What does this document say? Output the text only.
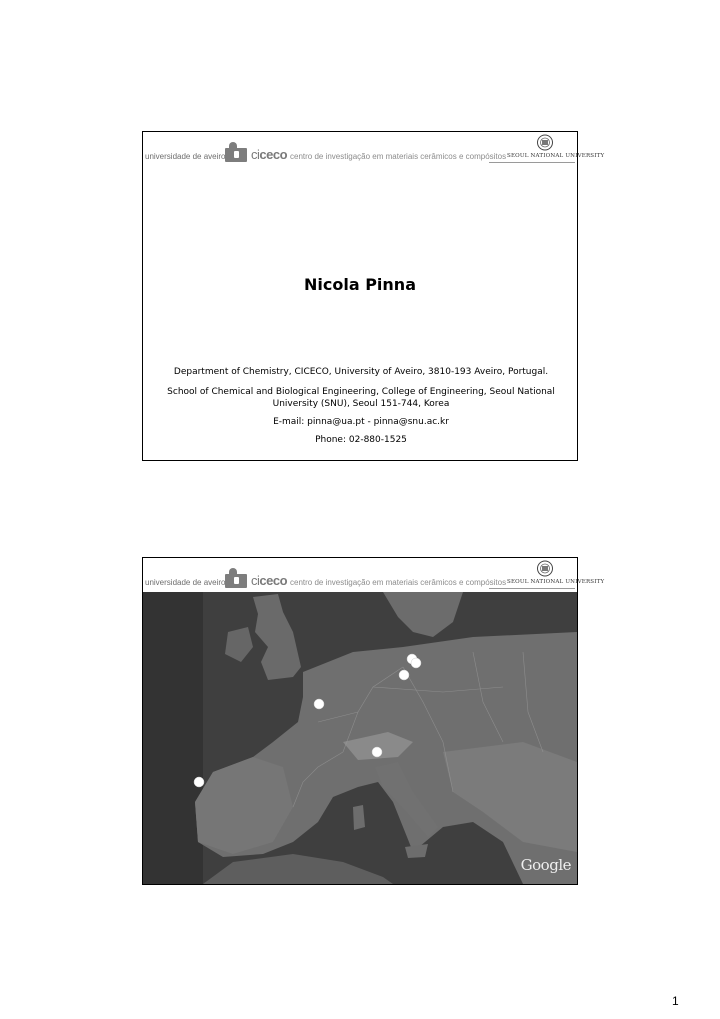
universidade de aveiro ciceco centro de investigação em materiais cerâmicos e compósitos SEOUL NATIONAL UNIVERSITY
Nicola Pinna
Department of Chemistry, CICECO, University of Aveiro, 3810-193 Aveiro, Portugal.
School of Chemical and Biological Engineering, College of Engineering, Seoul National University (SNU), Seoul 151-744, Korea
E-mail: pinna@ua.pt - pinna@snu.ac.kr
Phone: 02-880-1525
universidade de aveiro ciceco centro de investigação em materiais cerâmicos e compósitos SEOUL NATIONAL UNIVERSITY
Google
1
